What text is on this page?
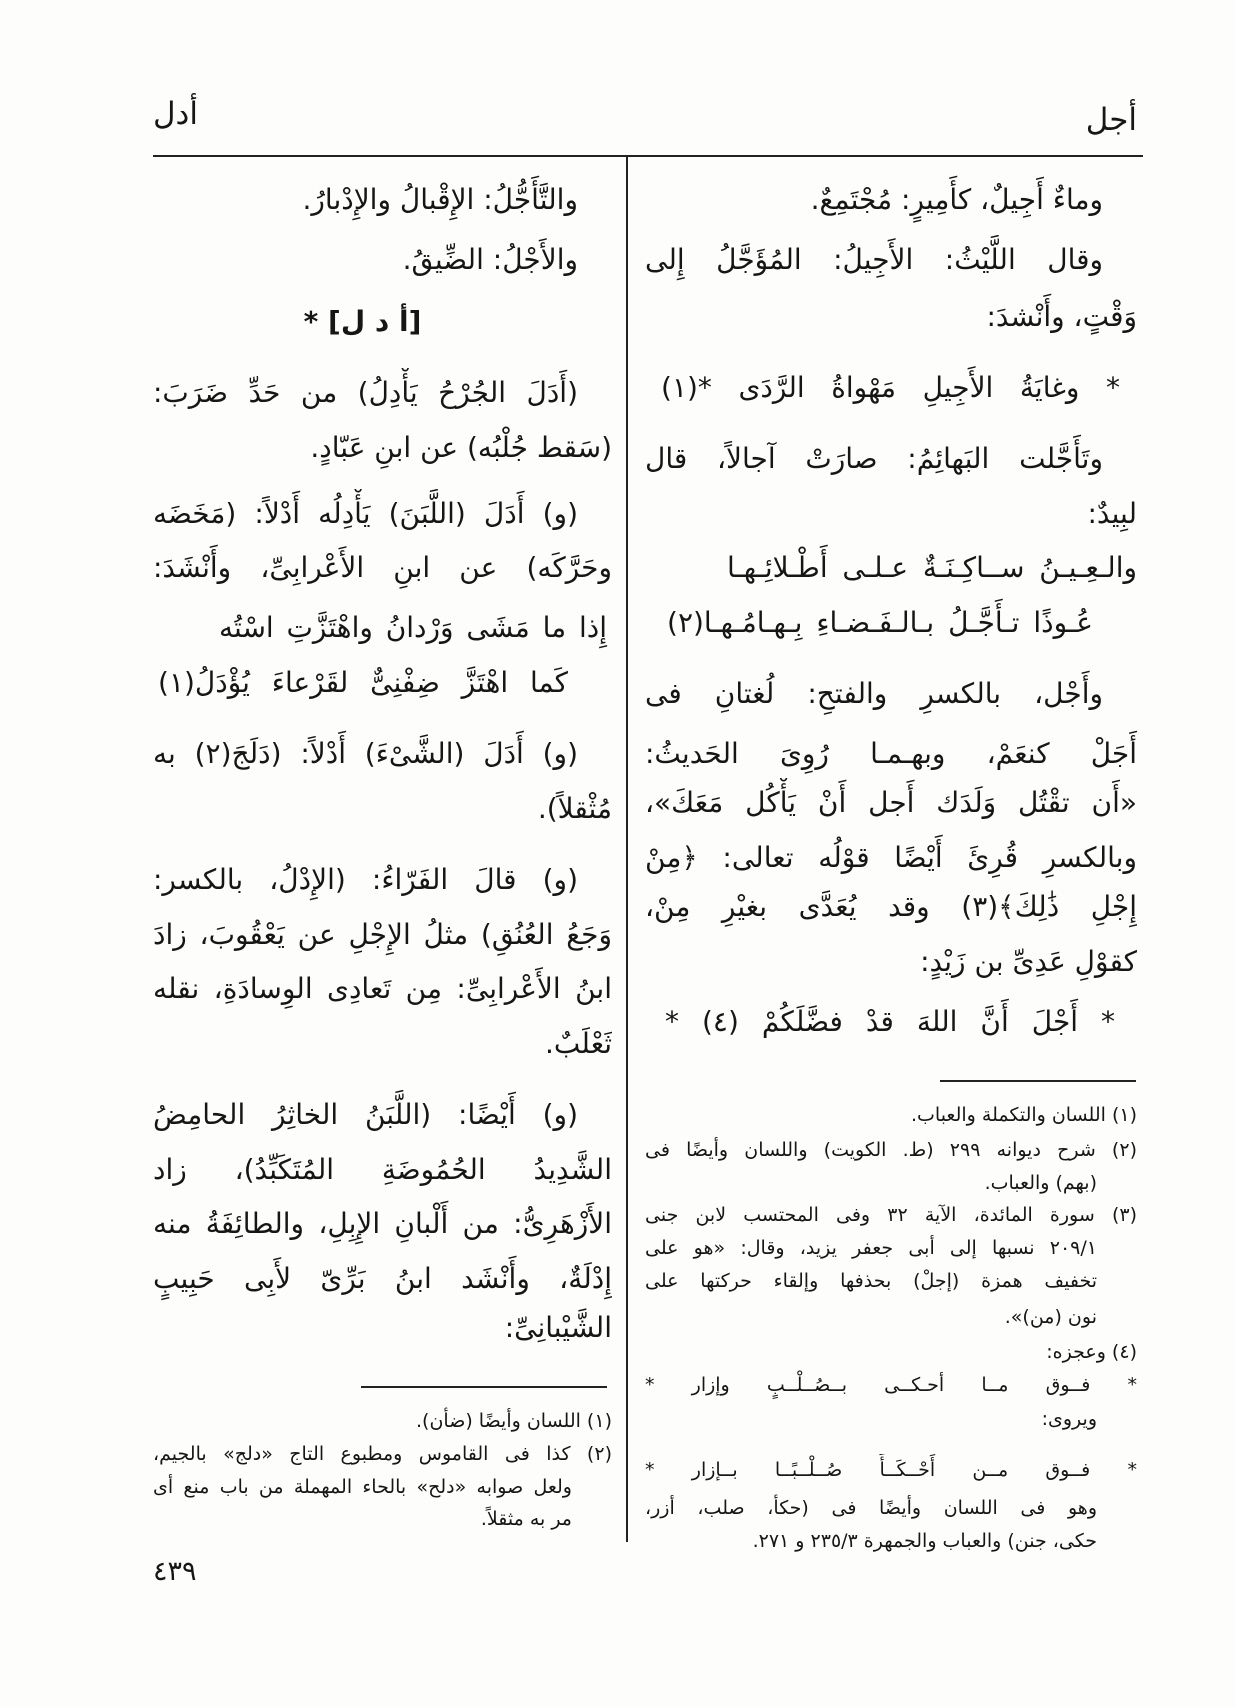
أجل
أدل
وماءٌ أَجِيلٌ، كأَمِيرٍ: مُجْتَمِعٌ.
وقال اللَّيْثُ: الأَجِيلُ: المُؤَجَّلُ إِلى
وَقْتٍ، وأَنْشدَ:
* وغايَةُ الأَجِيلِ مَهْواةُ الرَّدَى *(١)
وتَأَجَّلت البَهائِمُ: صارَتْ آجالاً، قال
لبِيدٌ:
والـعِـيـنُ ســاكِـنَـةٌ عـلـى أَطْـلائِـهـا
عُـوذًا تـأَجَّـلُ بـالـفَـضـاءِ بِـهـامُـهـا(٢)
وأَجْل، بالكسرِ والفتحِ: لُغتانِ فى
أَجَلْ كنعَمْ، وبهـمـا رُوِىَ الحَديثُ:
«أَن تقْتُل وَلَدَك أَجل أَنْ يَأْكُل مَعَكَ»،
وبالكسرِ قُرِئَ أَيْضًا قوْلُه تعالى: ﴿مِنْ
إِجْلِ ذَٰلِكَ﴾(٣) وقد يُعَدَّى بغيْرِ مِنْ،
كقوْلِ عَدِىِّ بن زَيْدٍ:
* أَجْلَ أَنَّ اللهَ قدْ فضَّلَكُمْ (٤) *
(١) اللسان والتكملة والعباب.
(٢) شرح ديوانه ٢٩٩ (ط. الكويت) واللسان وأيضًا فى
(بهم) والعباب.
(٣) سورة المائدة، الآية ٣٢ وفى المحتسب لابن جنى
٢٠٩/١ نسبها إلى أبى جعفر يزيد، وقال: «هو على
تخفيف همزة (إجلْ) بحذفها وإلقاء حركتها على
نون (من)».
(٤) وعجزه:
* فــوق مــا أحـكــى بــصُــلْــبٍ وإزار *
ويروى:
* فــوق مــن أَحْــكَــأَ صُــلْــبًــا بــإزار *
وهو فى اللسان وأيضًا فى (حكأ، صلب، أزر،
حكى، جنن) والعباب والجمهرة ٢٣٥/٣ و ٢٧١.
والتَّأَجُّلُ: الإِقْبالُ والإِدْبارُ.
والأَجْلُ: الضِّيقُ.
[أ د ل] *
(أَدَلَ الجُرْحُ يَأْدِلُ) من حَدِّ ضَرَبَ:
(سَقط جُلْبُه) عن ابنِ عَبّادٍ.
(و) أَدَلَ (اللَّبَنَ) يَأْدِلُه أَدْلاً: (مَخَضَه
وحَرَّكَه) عن ابنِ الأَعْرابِىِّ، وأَنْشَدَ:
إِذا ما مَشَى وَرْدانُ واهْتَزَّتِ اسْتُه
كَما اهْتَزَّ ضِفْنِىٌّ لقَرْعاءَ يُؤْدَلُ(١)
(و) أَدَلَ (الشَّىْءَ) أَدْلاً: (دَلَجَ(٢) به
مُثْقلاً).
(و) قالَ الفَرّاءُ: (الإِدْلُ، بالكسر:
وَجَعُ العُنُقِ) مثلُ الإِجْلِ عن يَعْقُوبَ، زادَ
ابنُ الأَعْرابِىِّ: مِن تَعادِى الوِسادَةِ، نقله
ثَعْلَبٌ.
(و) أَيْضًا: (اللَّبَنُ الخاثِرُ الحامِضُ
الشَّدِيدُ الحُمُوضَةِ المُتَكَبِّدُ)، زاد
الأَزْهَرِىُّ: من أَلْبانِ الإِبِلِ، والطائِفَةُ منه
إِدْلَةٌ، وأَنْشَد ابنُ بَرِّىّ لأَبِى حَبِيبٍ
الشَّيْبانِىِّ:
(١) اللسان وأيضًا (ضأن).
(٢) كذا فى القاموس ومطبوع التاج «دلج» بالجيم،
ولعل صوابه «دلح» بالحاء المهملة من باب منع أى
مر به مثقلاً.
٤٣٩
